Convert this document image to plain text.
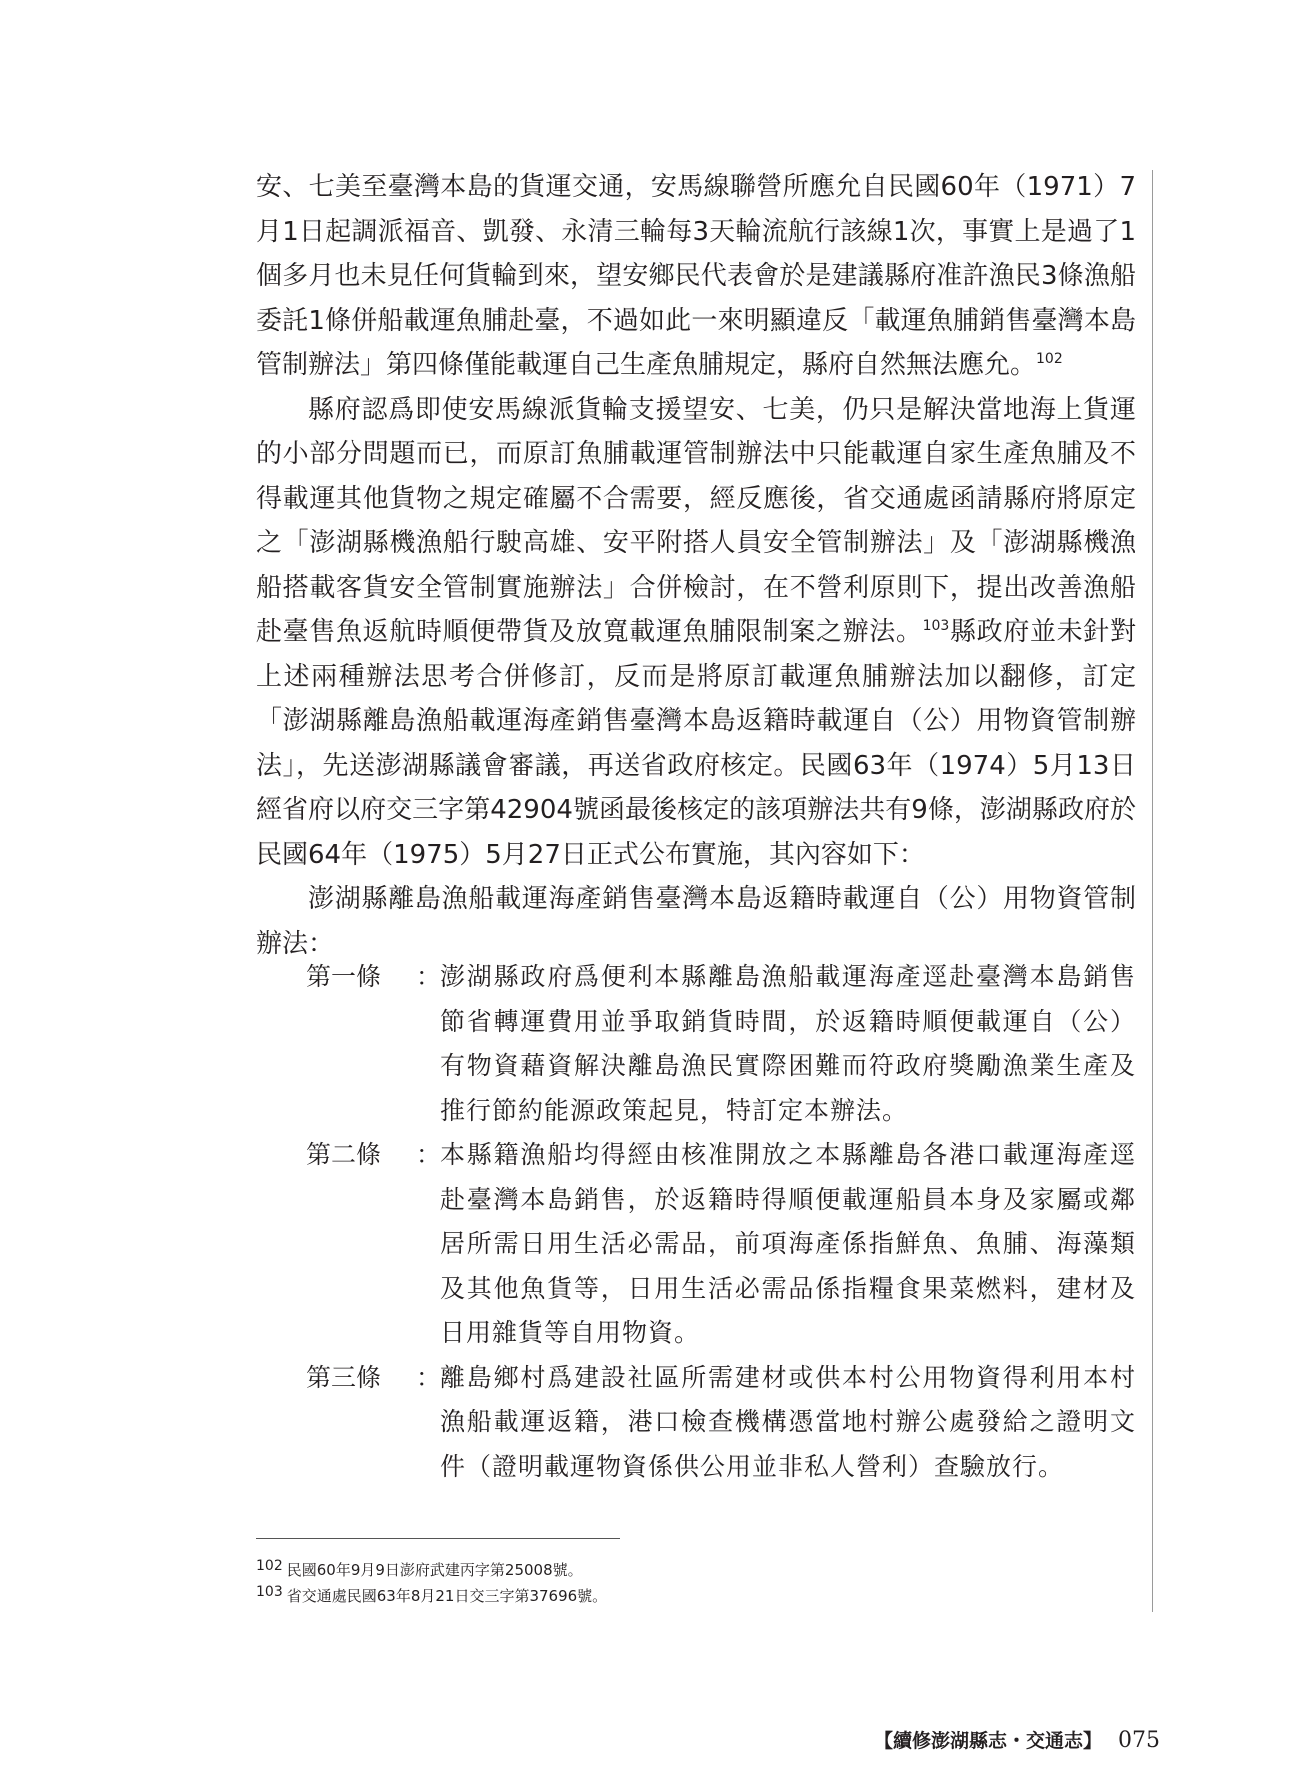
安、七美至臺灣本島的貨運交通，安馬線聯營所應允自民國60年（1971）7月1日起調派福音、凱發、永清三輪每3天輪流航行該線1次，事實上是過了1個多月也未見任何貨輪到來，望安鄉民代表會於是建議縣府准許漁民3條漁船委託1條併船載運魚脯赴臺，不過如此一來明顯違反「載運魚脯銷售臺灣本島管制辦法」第四條僅能載運自己生產魚脯規定，縣府自然無法應允。$^{102}$

縣府認爲即使安馬線派貨輪支援望安、七美，仍只是解決當地海上貨運的小部分問題而已，而原訂魚脯載運管制辦法中只能載運自家生產魚脯及不得載運其他貨物之規定確屬不合需要，經反應後，省交通處函請縣府將原定之「澎湖縣機漁船行駛高雄、安平附搭人員安全管制辦法」及「澎湖縣機漁船搭載客貨安全管制實施辦法」合併檢討，在不營利原則下，提出改善漁船赴臺售魚返航時順便帶貨及放寬載運魚脯限制案之辦法。$^{103}$縣政府並未針對上述兩種辦法思考合併修訂，反而是將原訂載運魚脯辦法加以翻修，訂定「澎湖縣離島漁船載運海產銷售臺灣本島返籍時載運自（公）用物資管制辦法」，先送澎湖縣議會審議，再送省政府核定。民國63年（1974）5月13日經省府以府交三字第42904號函最後核定的該項辦法共有9條，澎湖縣政府於民國64年（1975）5月27日正式公布實施，其內容如下：

澎湖縣離島漁船載運海產銷售臺灣本島返籍時載運自（公）用物資管制辦法：

第一條	：
澎湖縣政府爲便利本縣離島漁船載運海產逕赴臺灣本島銷售節省轉運費用並爭取銷貨時間，於返籍時順便載運自（公）有物資藉資解決離島漁民實際困難而符政府獎勵漁業生產及推行節約能源政策起見，特訂定本辦法。
第二條	：
本縣籍漁船均得經由核准開放之本縣離島各港口載運海產逕赴臺灣本島銷售，於返籍時得順便載運船員本身及家屬或鄰居所需日用生活必需品，前項海產係指鮮魚、魚脯、海藻類及其他魚貨等，日用生活必需品係指糧食果菜燃料，建材及日用雜貨等自用物資。
第三條	：
離島鄉村爲建設社區所需建材或供本村公用物資得利用本村漁船載運返籍，港口檢查機構憑當地村辦公處發給之證明文件（證明載運物資係供公用並非私人營利）查驗放行。
102 民國60年9月9日澎府武建丙字第25008號。
103 省交通處民國63年8月21日交三字第37696號。
【續修澎湖縣志・交通志】 075
